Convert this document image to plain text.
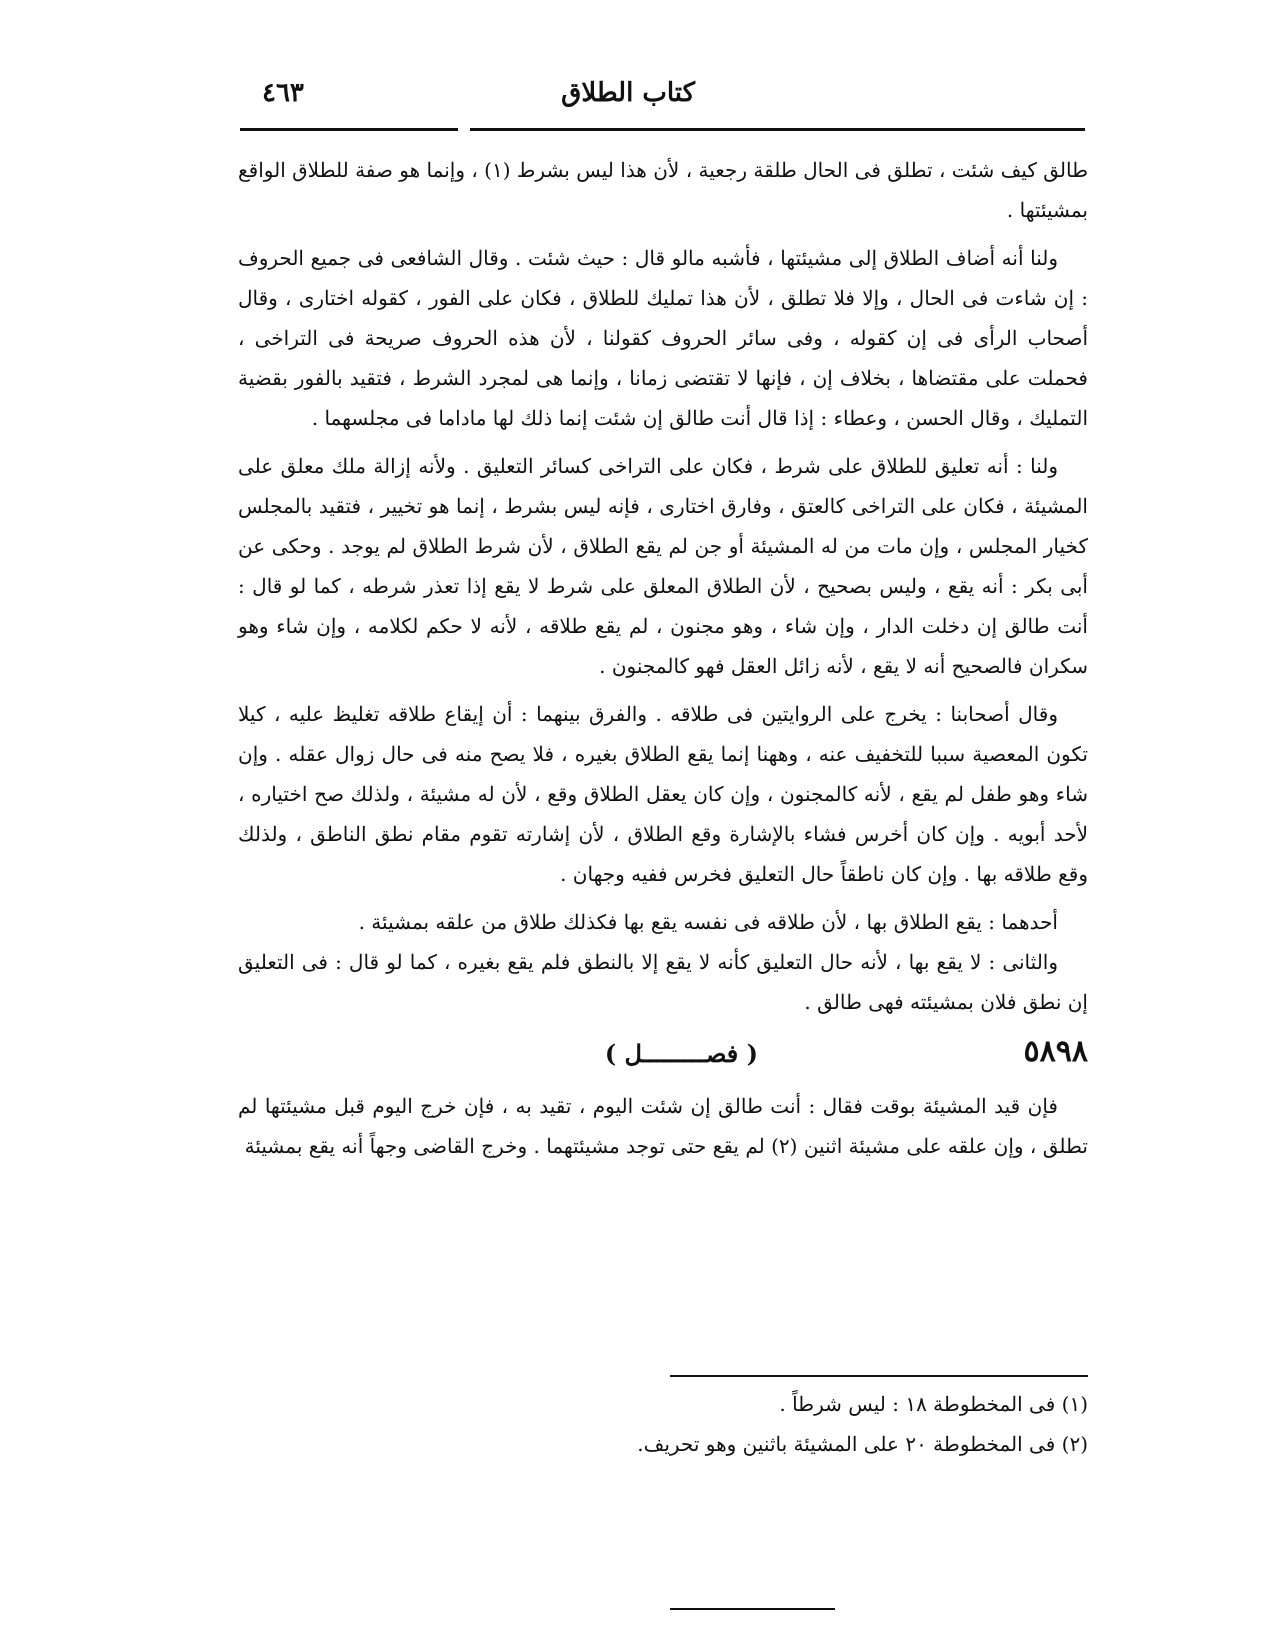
كتاب الطلاق
٤٦٣

طالق كيف شئت ، تطلق فى الحال طلقة رجعية ، لأن هذا ليس بشرط (١) ، وإنما هو صفة للطلاق الواقع بمشيئتها .

ولنا أنه أضاف الطلاق إلى مشيئتها ، فأشبه مالو قال : حيث شئت . وقال الشافعى فى جميع الحروف : إن شاءت فى الحال ، وإلا فلا تطلق ، لأن هذا تمليك للطلاق ، فكان على الفور ، كقوله اختارى ، وقال أصحاب الرأى فى إن كقوله ، وفى سائر الحروف كقولنا ، لأن هذه الحروف صريحة فى التراخى ، فحملت على مقتضاها ، بخلاف إن ، فإنها لا تقتضى زمانا ، وإنما هى لمجرد الشرط ، فتقيد بالفور بقضية التمليك ، وقال الحسن ، وعطاء : إذا قال أنت طالق إن شئت إنما ذلك لها ماداما فى مجلسهما .

ولنا : أنه تعليق للطلاق على شرط ، فكان على التراخى كسائر التعليق . ولأنه إزالة ملك معلق على المشيئة ، فكان على التراخى كالعتق ، وفارق اختارى ، فإنه ليس بشرط ، إنما هو تخيير ، فتقيد بالمجلس كخيار المجلس ، وإن مات من له المشيئة أو جن لم يقع الطلاق ، لأن شرط الطلاق لم يوجد . وحكى عن أبى بكر : أنه يقع ، وليس بصحيح ، لأن الطلاق المعلق على شرط لا يقع إذا تعذر شرطه ، كما لو قال : أنت طالق إن دخلت الدار ، وإن شاء ، وهو مجنون ، لم يقع طلاقه ، لأنه لا حكم لكلامه ، وإن شاء وهو سكران فالصحيح أنه لا يقع ، لأنه زائل العقل فهو كالمجنون .

وقال أصحابنا : يخرج على الروايتين فى طلاقه . والفرق بينهما : أن إيقاع طلاقه تغليظ عليه ، كيلا تكون المعصية سببا للتخفيف عنه ، وههنا إنما يقع الطلاق بغيره ، فلا يصح منه فى حال زوال عقله . وإن شاء وهو طفل لم يقع ، لأنه كالمجنون ، وإن كان يعقل الطلاق وقع ، لأن له مشيئة ، ولذلك صح اختياره ، لأحد أبويه . وإن كان أخرس فشاء بالإشارة وقع الطلاق ، لأن إشارته تقوم مقام نطق الناطق ، ولذلك وقع طلاقه بها . وإن كان ناطقاً حال التعليق فخرس ففيه وجهان .

أحدهما : يقع الطلاق بها ، لأن طلاقه فى نفسه يقع بها فكذلك طلاق من علقه بمشيئة .

والثانى : لا يقع بها ، لأنه حال التعليق كأنه لا يقع إلا بالنطق فلم يقع بغيره ، كما لو قال : فى التعليق إن نطق فلان بمشيئته فهى طالق .

٥٨٩٨
( فصـــــــــل )

فإن قيد المشيئة بوقت فقال : أنت طالق إن شئت اليوم ، تقيد به ، فإن خرج اليوم قبل مشيئتها لم تطلق ، وإن علقه على مشيئة اثنين (٢) لم يقع حتى توجد مشيئتهما . وخرج القاضى وجهاً أنه يقع بمشيئة

(١) فى المخطوطة ١٨ : ليس شرطاً .
(٢) فى المخطوطة ٢٠ على المشيئة باثنين وهو تحريف.
